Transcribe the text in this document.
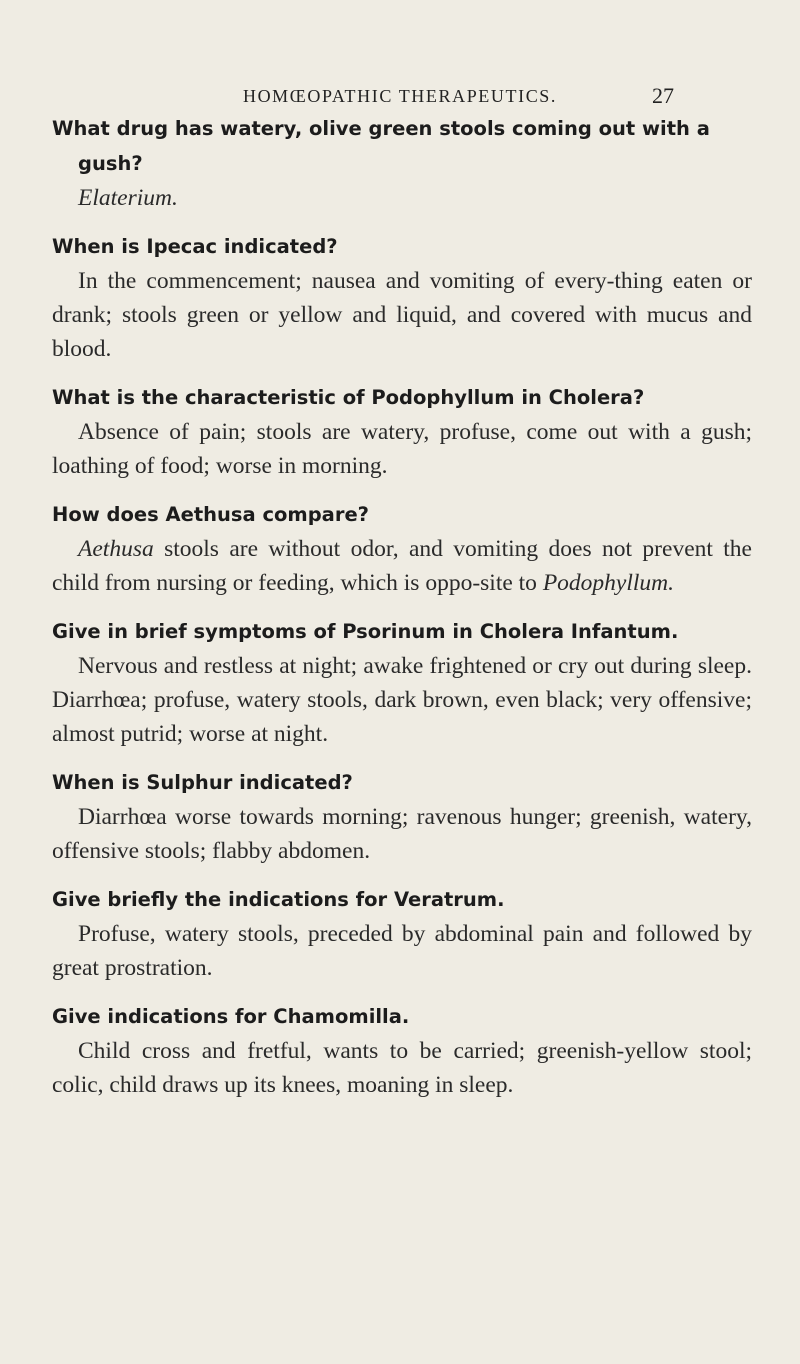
HOMŒOPATHIC THERAPEUTICS.	27
What drug has watery, olive green stools coming out with a gush?
Elaterium.
When is Ipecac indicated?
In the commencement; nausea and vomiting of every-thing eaten or drank; stools green or yellow and liquid, and covered with mucus and blood.
What is the characteristic of Podophyllum in Cholera?
Absence of pain; stools are watery, profuse, come out with a gush; loathing of food; worse in morning.
How does Aethusa compare?
Aethusa stools are without odor, and vomiting does not prevent the child from nursing or feeding, which is oppo-site to Podophyllum.
Give in brief symptoms of Psorinum in Cholera Infantum.
Nervous and restless at night; awake frightened or cry out during sleep. Diarrhœa; profuse, watery stools, dark brown, even black; very offensive; almost putrid; worse at night.
When is Sulphur indicated?
Diarrhœa worse towards morning; ravenous hunger; greenish, watery, offensive stools; flabby abdomen.
Give briefly the indications for Veratrum.
Profuse, watery stools, preceded by abdominal pain and followed by great prostration.
Give indications for Chamomilla.
Child cross and fretful, wants to be carried; greenish-yellow stool; colic, child draws up its knees, moaning in sleep.
